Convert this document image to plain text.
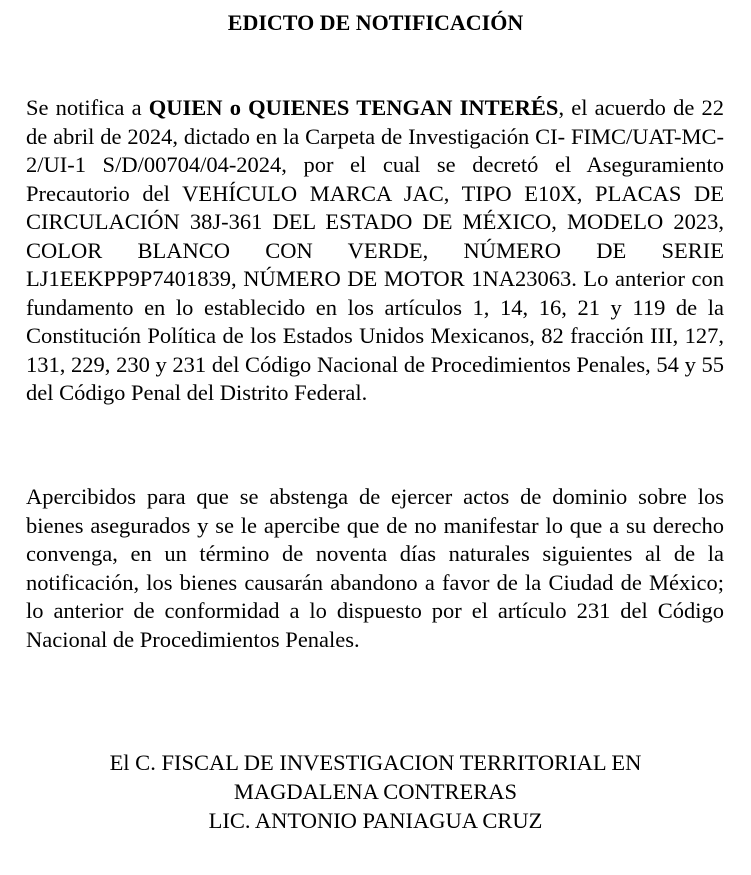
EDICTO DE NOTIFICACIÓN

Se notifica a QUIEN o QUIENES TENGAN INTERÉS, el acuerdo de 22 de abril de 2024, dictado en la Carpeta de Investigación CI- FIMC/UAT-MC-2/UI-1 S/D/00704/04-2024, por el cual se decretó el Aseguramiento Precautorio del VEHÍCULO MARCA JAC, TIPO E10X, PLACAS DE CIRCULACIÓN 38J-361 DEL ESTADO DE MÉXICO, MODELO 2023, COLOR BLANCO CON VERDE, NÚMERO DE SERIE LJ1EEKPP9P7401839, NÚMERO DE MOTOR 1NA23063. Lo anterior con fundamento en lo establecido en los artículos 1, 14, 16, 21 y 119 de la Constitución Política de los Estados Unidos Mexicanos, 82 fracción III, 127, 131, 229, 230 y 231 del Código Nacional de Procedimientos Penales, 54 y 55 del Código Penal del Distrito Federal.

Apercibidos para que se abstenga de ejercer actos de dominio sobre los bienes asegurados y se le apercibe que de no manifestar lo que a su derecho convenga, en un término de noventa días naturales siguientes al de la notificación, los bienes causarán abandono a favor de la Ciudad de México; lo anterior de conformidad a lo dispuesto por el artículo 231 del Código Nacional de Procedimientos Penales.

El C. FISCAL DE INVESTIGACION TERRITORIAL EN
MAGDALENA CONTRERAS
LIC. ANTONIO PANIAGUA CRUZ
